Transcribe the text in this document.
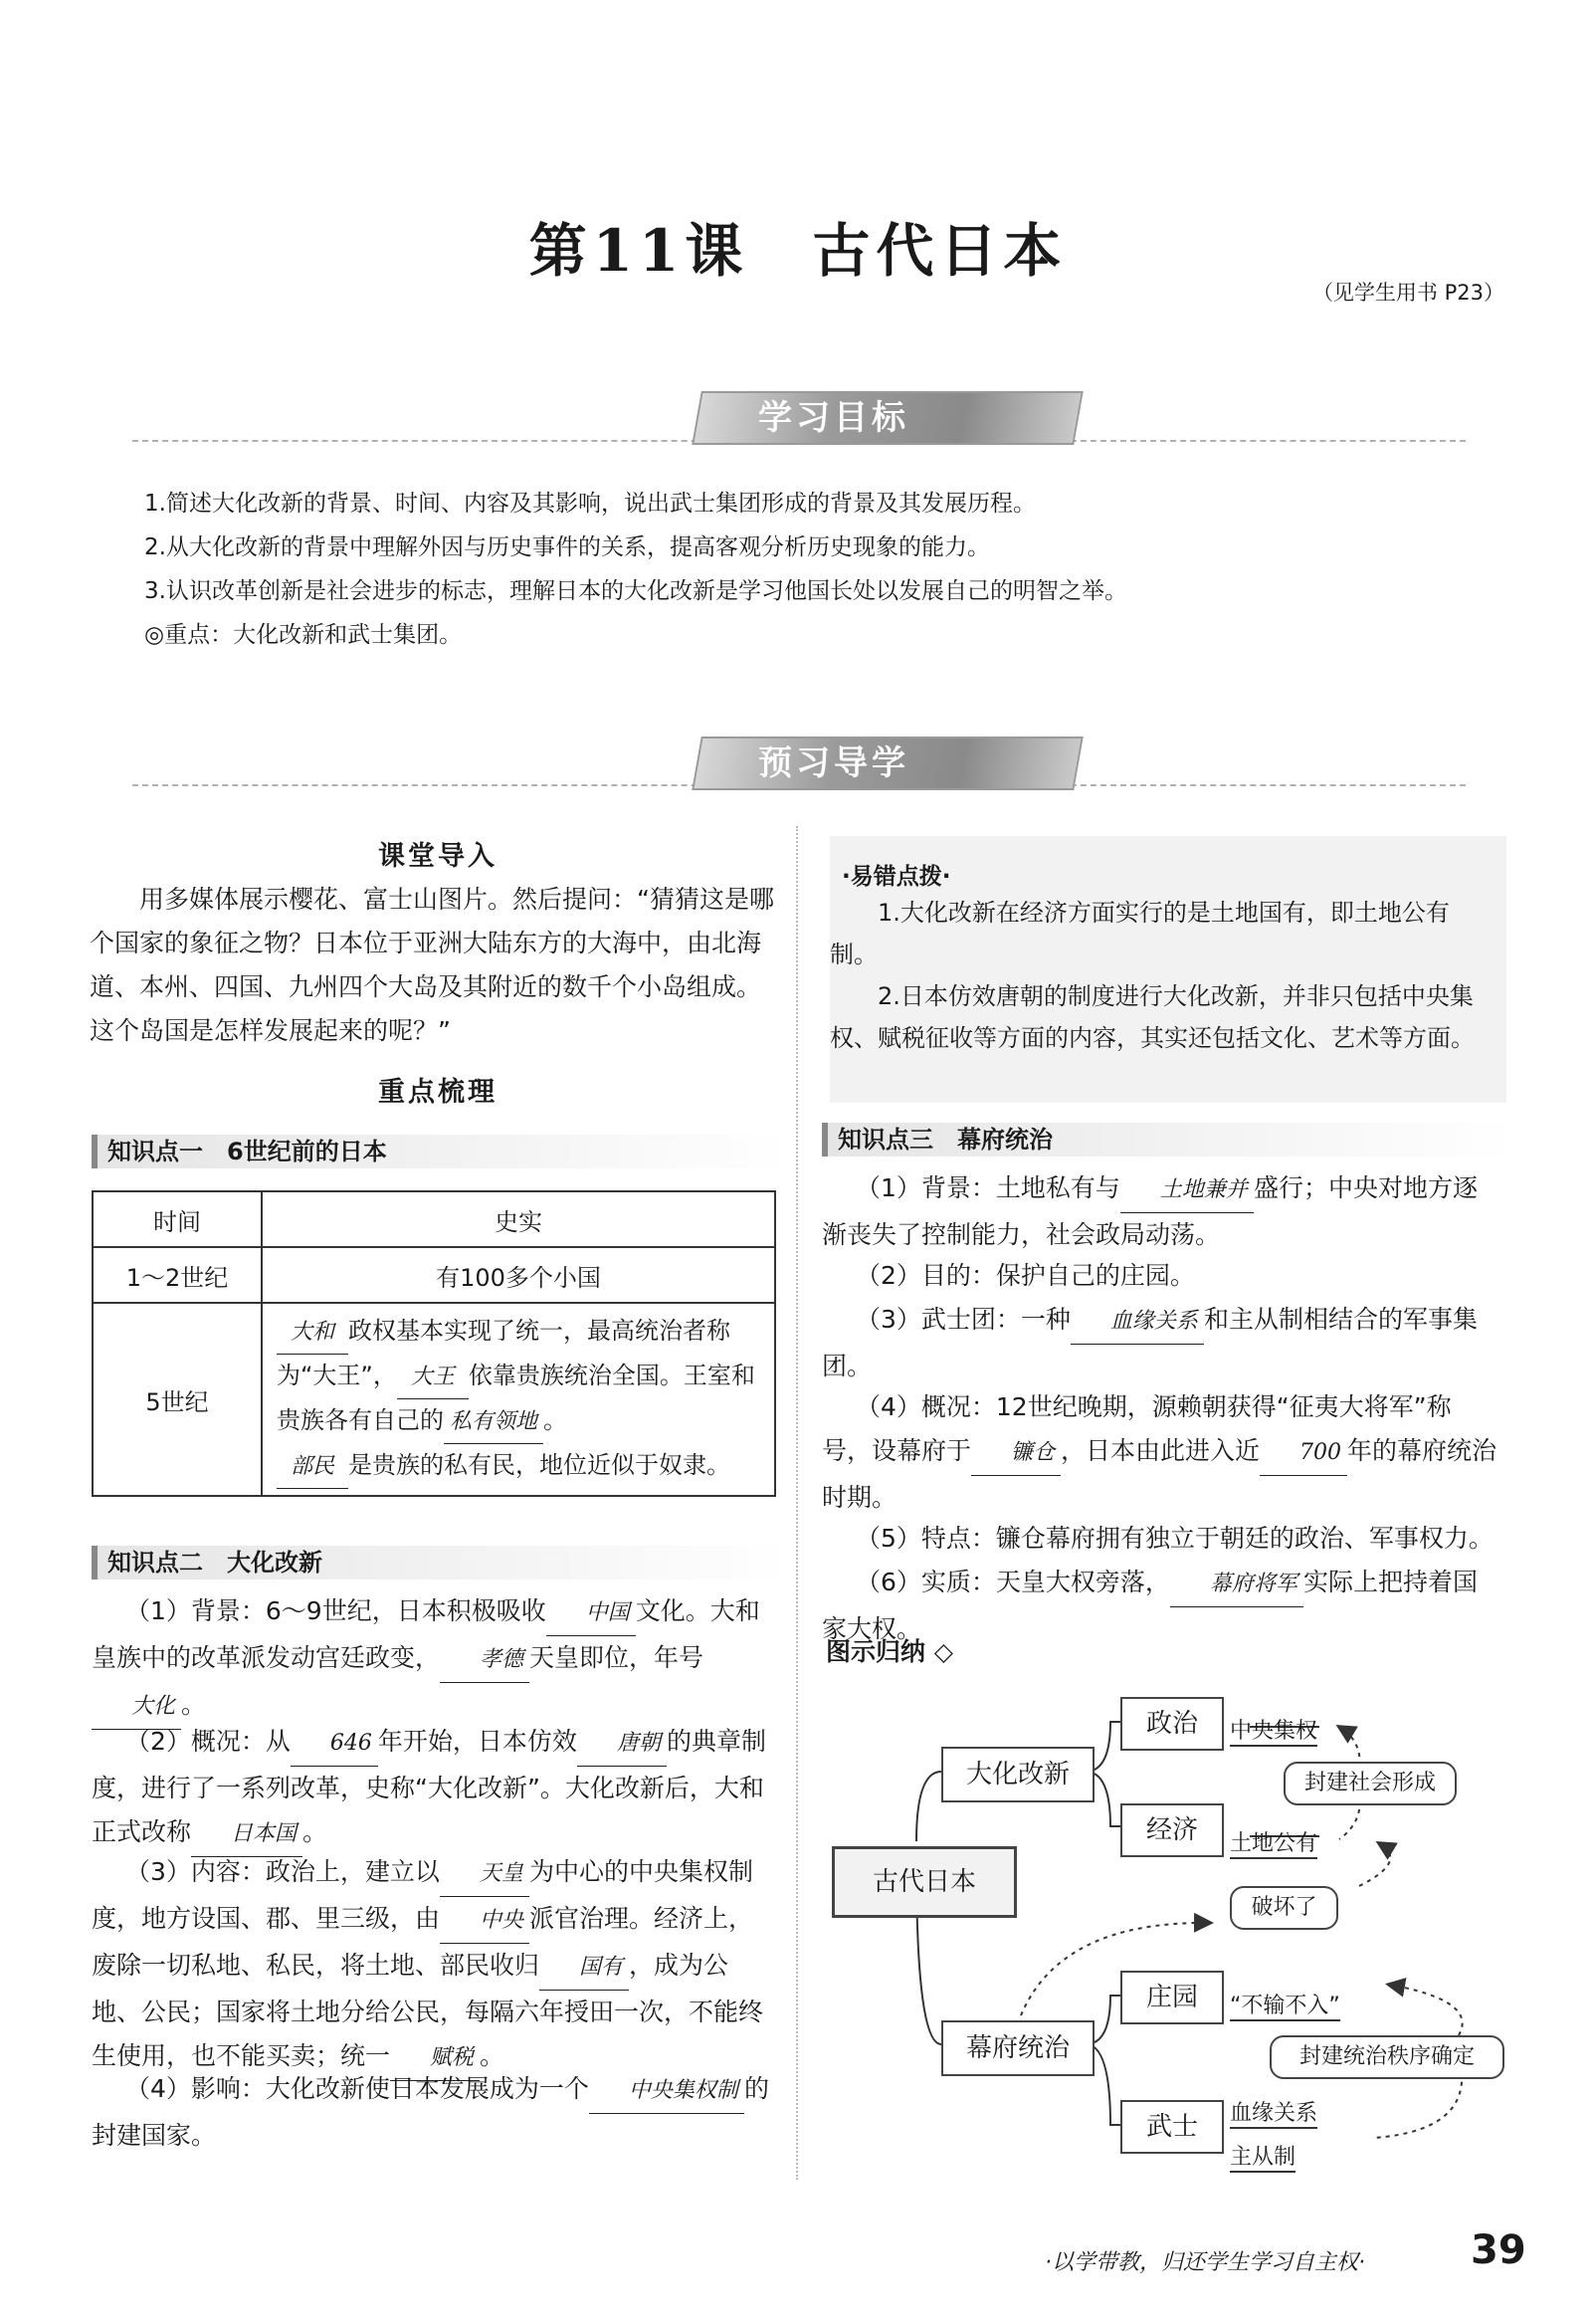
第11课　古代日本
（见学生用书 P23）
学习目标
1.简述大化改新的背景、时间、内容及其影响，说出武士集团形成的背景及其发展历程。
2.从大化改新的背景中理解外因与历史事件的关系，提高客观分析历史现象的能力。
3.认识改革创新是社会进步的标志，理解日本的大化改新是学习他国长处以发展自己的明智之举。
◎重点：大化改新和武士集团。
预习导学
课堂导入
用多媒体展示樱花、富士山图片。然后提问：“猜猜这是哪个国家的象征之物？日本位于亚洲大陆东方的大海中，由北海道、本州、四国、九州四个大岛及其附近的数千个小岛组成。这个岛国是怎样发展起来的呢？”
重点梳理
知识点一　6世纪前的日本
时间	史实
1～2世纪	有100多个小国
5世纪	大和 政权基本实现了统一，最高统治者称为“大王”， 大王 依靠贵族统治全国。王室和贵族各有自己的 私有领地 。
部民 是贵族的私有民，地位近似于奴隶。
知识点二　大化改新
（1）背景：6～9世纪，日本积极吸收 中国 文化。大和皇族中的改革派发动宫廷政变， 孝德 天皇即位，年号大化 。
（2）概况：从 646 年开始，日本仿效 唐朝 的典章制度，进行了一系列改革，史称“大化改新”。大化改新后，大和正式改称 日本国 。
（3）内容：政治上，建立以 天皇 为中心的中央集权制度，地方设国、郡、里三级，由 中央 派官治理。经济上，废除一切私地、私民，将土地、部民收归 国有 ，成为公地、公民；国家将土地分给公民，每隔六年授田一次，不能终生使用，也不能买卖；统一 赋税 。
（4）影响：大化改新使日本发展成为一个 中央集权制 的封建国家。
·易错点拨·
1.大化改新在经济方面实行的是土地国有，即土地公有制。
2.日本仿效唐朝的制度进行大化改新，并非只包括中央集权、赋税征收等方面的内容，其实还包括文化、艺术等方面。
知识点三　幕府统治
（1）背景：土地私有与 土地兼并 盛行；中央对地方逐渐丧失了控制能力，社会政局动荡。
（2）目的：保护自己的庄园。
（3）武士团：一种 血缘关系 和主从制相结合的军事集团。
（4）概况：12世纪晚期，源赖朝获得“征夷大将军”称号，设幕府于 镰仓 ，日本由此进入近 700 年的幕府统治时期。
（5）特点：镰仓幕府拥有独立于朝廷的政治、军事权力。
（6）实质：天皇大权旁落， 幕府将军 实际上把持着国家大权。
图示归纳 ◇
古代日本
大化改新
幕府统治
政治
经济
庄园
武士
中央集权
土地公有
封建社会形成
破坏了
“不输不入”
封建统治秩序确定
血缘关系
主从制
·以学带教，归还学生学习自主权·	39
